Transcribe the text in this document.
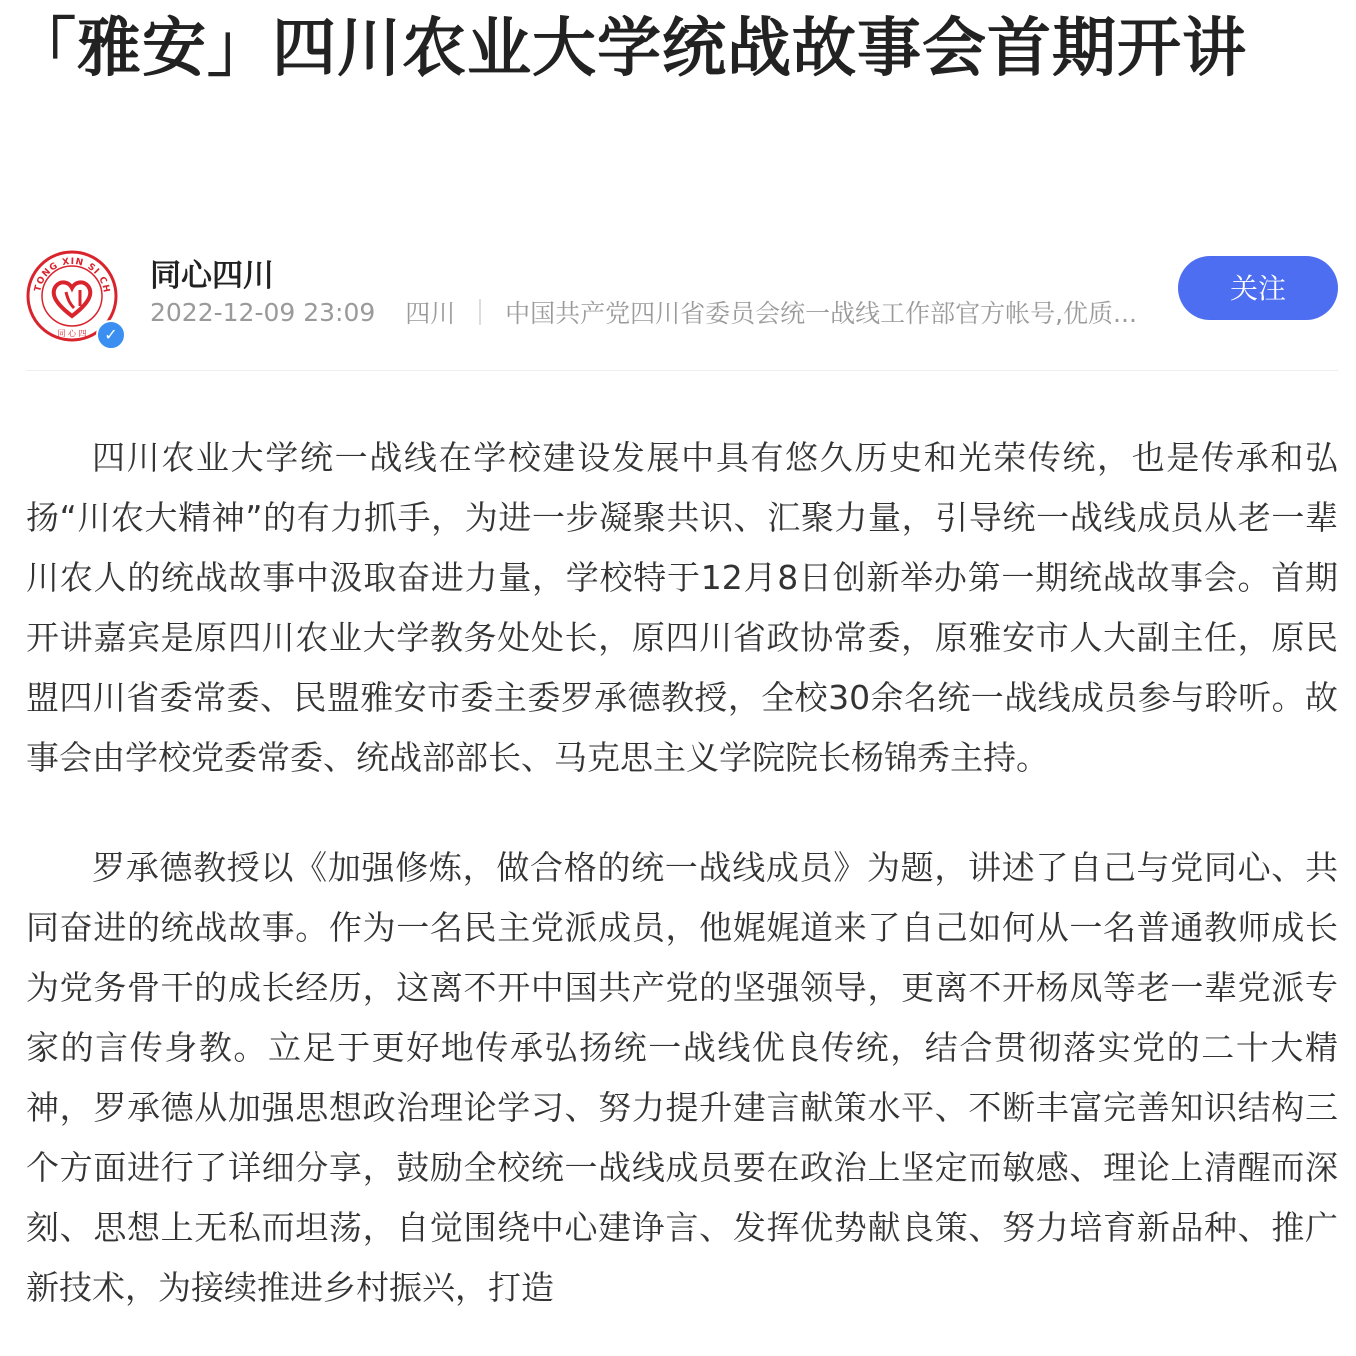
「雅安」四川农业大学统战故事会首期开讲
TONG XIN SI CH
同 心 四	✓
同心四川
2022-12-09 23:09 四川 中国共产党四川省委员会统一战线工作部官方帐号,优质...
关注

四川农业大学统一战线在学校建设发展中具有悠久历史和光荣传统，也是传承和弘扬“川农大精神”的有力抓手，为进一步凝聚共识、汇聚力量，引导统一战线成员从老一辈川农人的统战故事中汲取奋进力量，学校特于12月8日创新举办第一期统战故事会。首期开讲嘉宾是原四川农业大学教务处处长，原四川省政协常委，原雅安市人大副主任，原民盟四川省委常委、民盟雅安市委主委罗承德教授，全校30余名统一战线成员参与聆听。故事会由学校党委常委、统战部部长、马克思主义学院院长杨锦秀主持。

罗承德教授以《加强修炼，做合格的统一战线成员》为题，讲述了自己与党同心、共同奋进的统战故事。作为一名民主党派成员，他娓娓道来了自己如何从一名普通教师成长为党务骨干的成长经历，这离不开中国共产党的坚强领导，更离不开杨凤等老一辈党派专家的言传身教。立足于更好地传承弘扬统一战线优良传统，结合贯彻落实党的二十大精神，罗承德从加强思想政治理论学习、努力提升建言献策水平、不断丰富完善知识结构三个方面进行了详细分享，鼓励全校统一战线成员要在政治上坚定而敏感、理论上清醒而深刻、思想上无私而坦荡，自觉围绕中心建诤言、发挥优势献良策、努力培育新品种、推广新技术，为接续推进乡村振兴，打造
